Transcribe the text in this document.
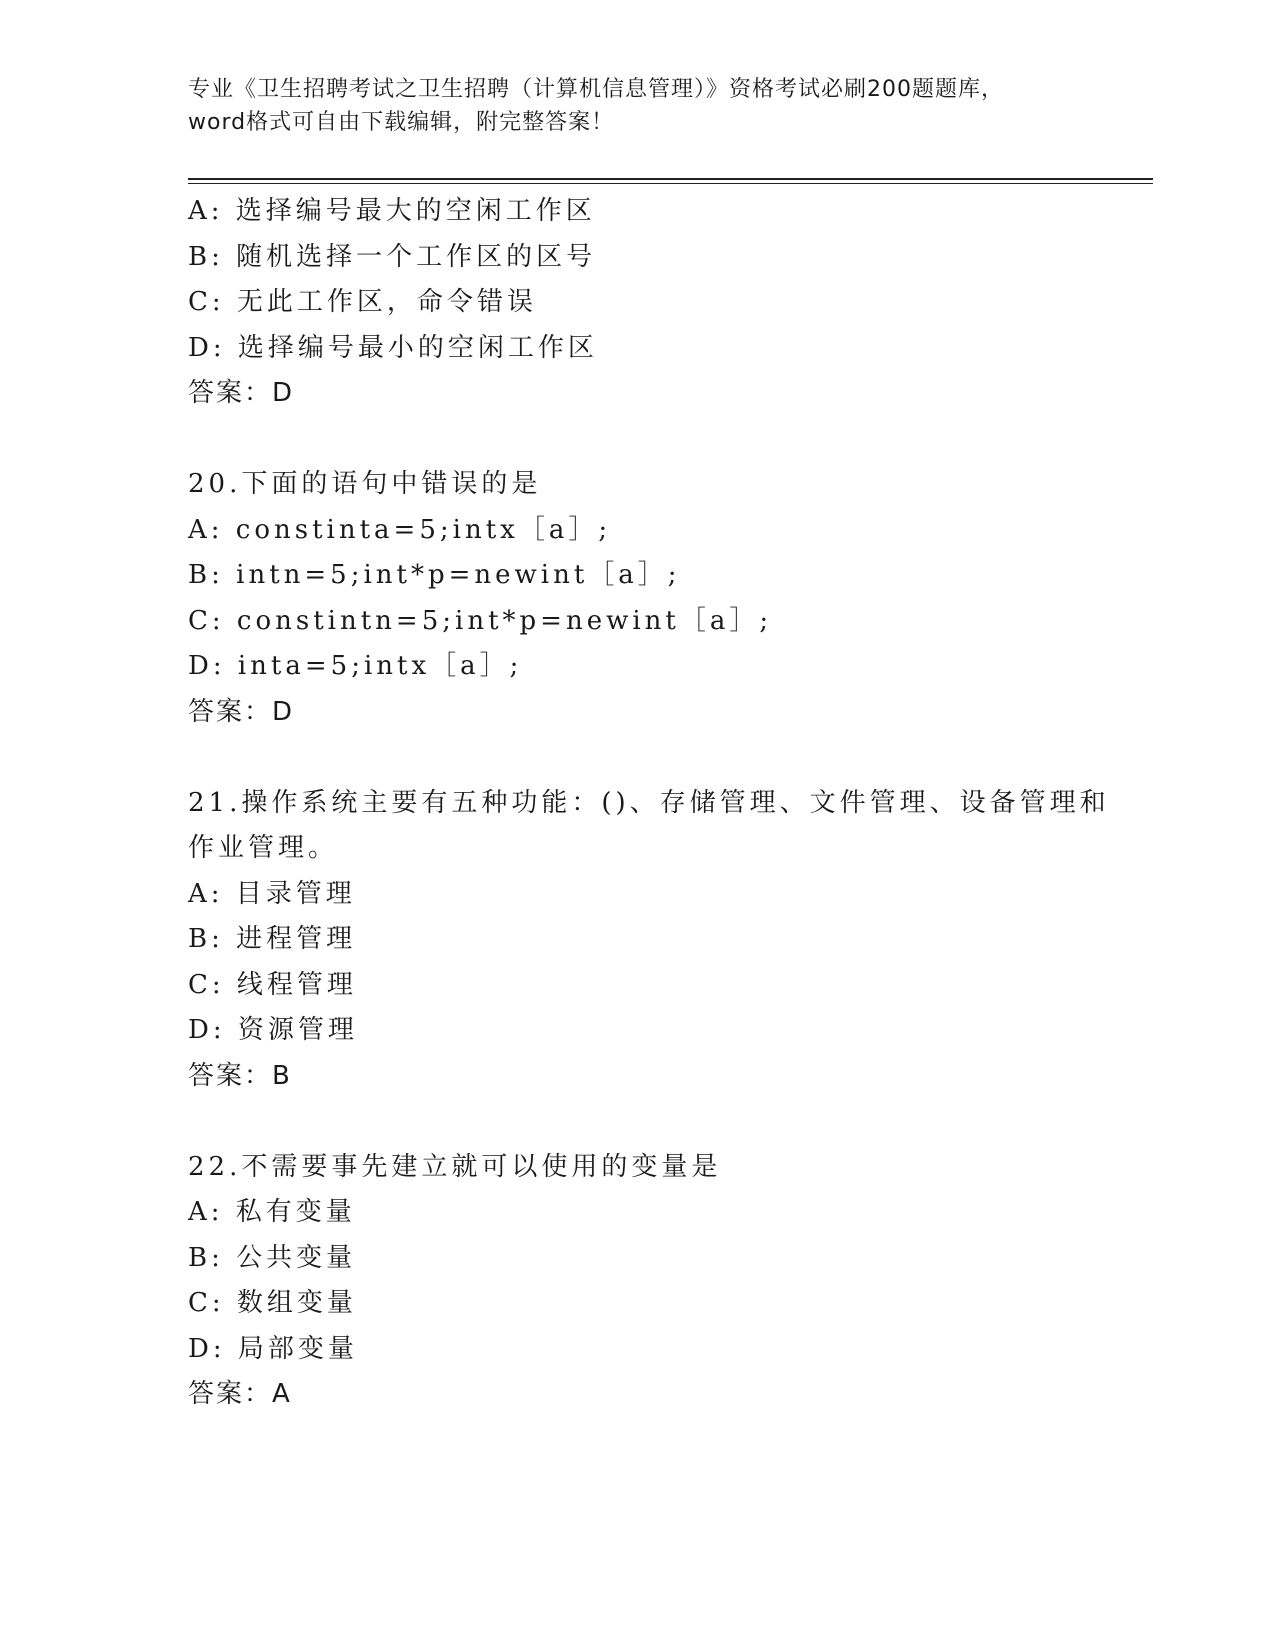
专业《卫生招聘考试之卫生招聘（计算机信息管理）》资格考试必刷200题题库，
word格式可自由下载编辑，附完整答案！
A: 选择编号最大的空闲工作区
B: 随机选择一个工作区的区号
C: 无此工作区，命令错误
D: 选择编号最小的空闲工作区
答案：D
20.下面的语句中错误的是
A: constinta=5;intx［a］;
B: intn=5;int*p=newint［a］;
C: constintn=5;int*p=newint［a］;
D: inta=5;intx［a］;
答案：D
21.操作系统主要有五种功能：()、存储管理、文件管理、设备管理和作业管理。
A: 目录管理
B: 进程管理
C: 线程管理
D: 资源管理
答案：B
22.不需要事先建立就可以使用的变量是
A: 私有变量
B: 公共变量
C: 数组变量
D: 局部变量
答案：A
